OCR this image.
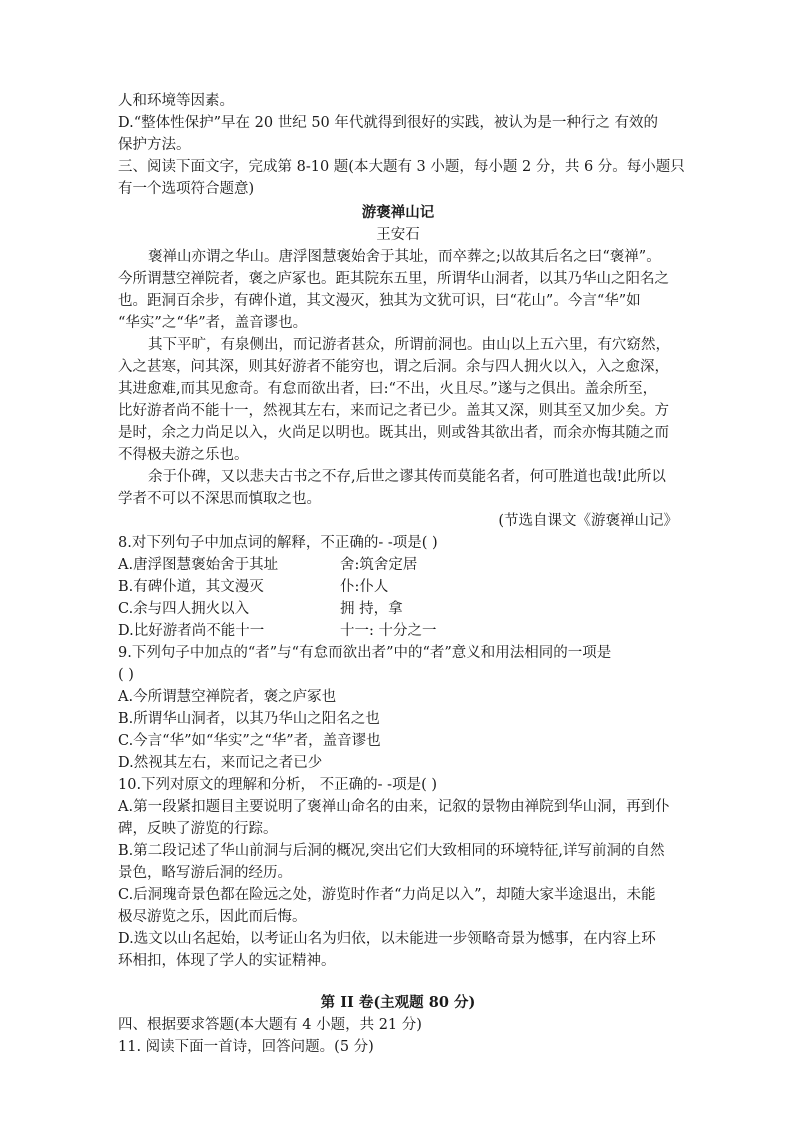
人和环境等因素。
D.“整体性保护”早在 20 世纪 50 年代就得到很好的实践，被认为是一种行之 有效的
保护方法。
三、阅读下面文字，完成第 8-10 题(本大题有 3 小题，每小题 2 分，共 6 分。每小题只
有一个选项符合题意)
游褒禅山记
王安石
褒禅山亦谓之华山。唐浮图慧褒始舍于其址，而卒葬之;以故其后名之曰“褒禅”。
今所谓慧空禅院者，褒之庐冢也。距其院东五里，所谓华山洞者，以其乃华山之阳名之
也。距洞百余步，有碑仆道，其文漫灭，独其为文犹可识，曰“花山”。今言“华”如
“华实”之“华”者，盖音谬也。
其下平旷，有泉侧出，而记游者甚众，所谓前洞也。由山以上五六里，有穴窈然，
入之甚寒，问其深，则其好游者不能穷也，谓之后洞。余与四人拥火以入，入之愈深，
其进愈难,而其见愈奇。有怠而欲出者，曰:“不出，火且尽。”遂与之俱出。盖余所至，
比好游者尚不能十一，然视其左右，来而记之者已少。盖其又深，则其至又加少矣。方
是时，余之力尚足以入，火尚足以明也。既其出，则或咎其欲出者，而余亦悔其随之而
不得极夫游之乐也。
余于仆碑，又以悲夫古书之不存,后世之谬其传而莫能名者，何可胜道也哉!此所以
学者不可以不深思而慎取之也。
(节选自课文《游褒禅山记》
8.对下列句子中加点词的解释，不正确的- -项是( )
A.唐浮图慧褒始舍于其址	舍:筑舍定居
B.有碑仆道，其文漫灭	仆:仆人
C.余与四人拥火以入	拥 持，拿
D.比好游者尚不能十一	十一: 十分之一
9.下列句子中加点的“者”与“有怠而欲出者”中的“者”意义和用法相同的一项是
( )
A.今所谓慧空禅院者，褒之庐冢也
B.所谓华山洞者，以其乃华山之阳名之也
C.今言“华”如“华实”之“华”者，盖音谬也
D.然视其左右，来而记之者已少
10.下列对原文的理解和分析， 不正确的- -项是( )
A.第一段紧扣题目主要说明了褒禅山命名的由来，记叙的景物由禅院到华山洞，再到仆
碑，反映了游览的行踪。
B.第二段记述了华山前洞与后洞的概况,突出它们大致相同的环境特征,详写前洞的自然
景色，略写游后洞的经历。
C.后洞瑰奇景色都在险远之处，游览时作者“力尚足以入”，却随大家半途退出，未能
极尽游览之乐，因此而后悔。
D.选文以山名起始，以考证山名为归依，以未能进一步领略奇景为憾事，在内容上环
环相扣，体现了学人的实证精神。
第 II 卷(主观题 80 分)
四、根据要求答题(本大题有 4 小题，共 21 分)
11. 阅读下面一首诗，回答问题。(5 分)
